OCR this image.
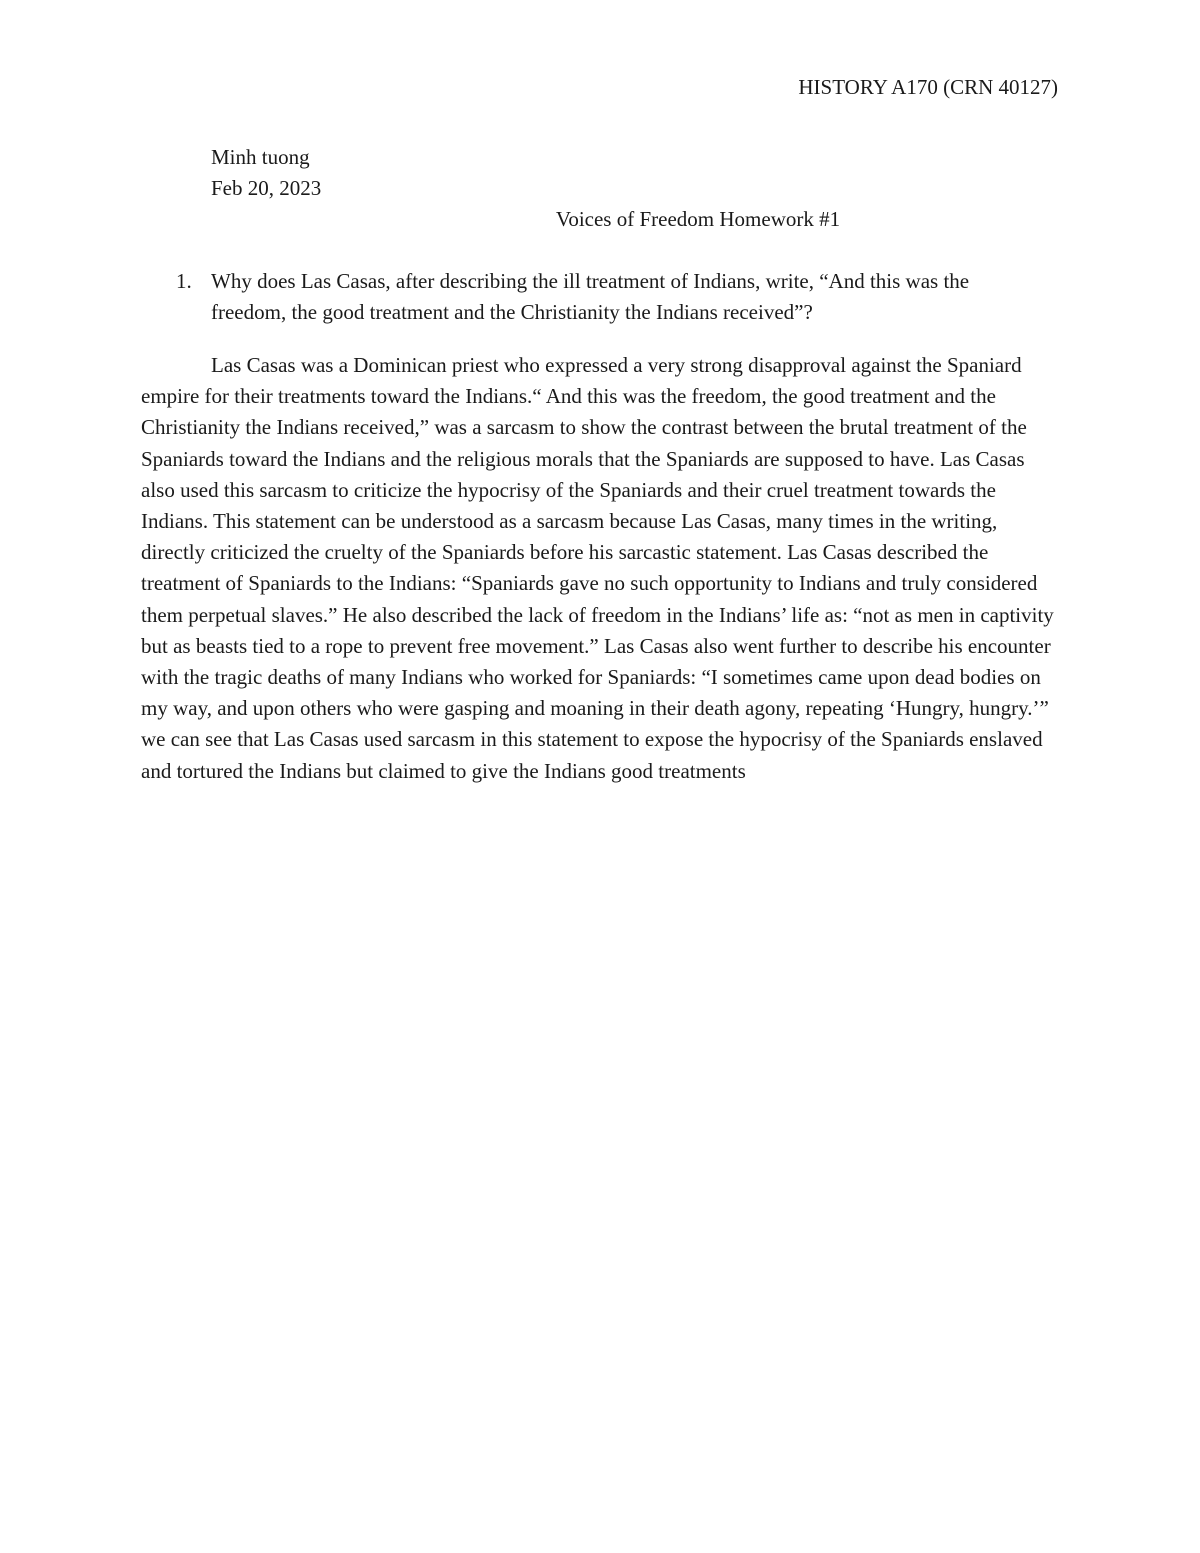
HISTORY A170 (CRN 40127)
Minh tuong
Feb 20, 2023
Voices of Freedom Homework #1
1. Why does Las Casas, after describing the ill treatment of Indians, write, “And this was the freedom, the good treatment and the Christianity the Indians received”?

Las Casas was a Dominican priest who expressed a very strong disapproval against the Spaniard empire for their treatments toward the Indians.“ And this was the freedom, the good treatment and the Christianity the Indians received,” was a sarcasm to show the contrast between the brutal treatment of the Spaniards toward the Indians and the religious morals that the Spaniards are supposed to have. Las Casas also used this sarcasm to criticize the hypocrisy of the Spaniards and their cruel treatment towards the Indians. This statement can be understood as a sarcasm because Las Casas, many times in the writing, directly criticized the cruelty of the Spaniards before his sarcastic statement. Las Casas described the treatment of Spaniards to the Indians: “Spaniards gave no such opportunity to Indians and truly considered them perpetual slaves.” He also described the lack of freedom in the Indians’ life as: “not as men in captivity but as beasts tied to a rope to prevent free movement.” Las Casas also went further to describe his encounter with the tragic deaths of many Indians who worked for Spaniards: “I sometimes came upon dead bodies on my way, and upon others who were gasping and moaning in their death agony, repeating ‘Hungry, hungry.’” we can see that Las Casas used sarcasm in this statement to expose the hypocrisy of the Spaniards enslaved and tortured the Indians but claimed to give the Indians good treatments
